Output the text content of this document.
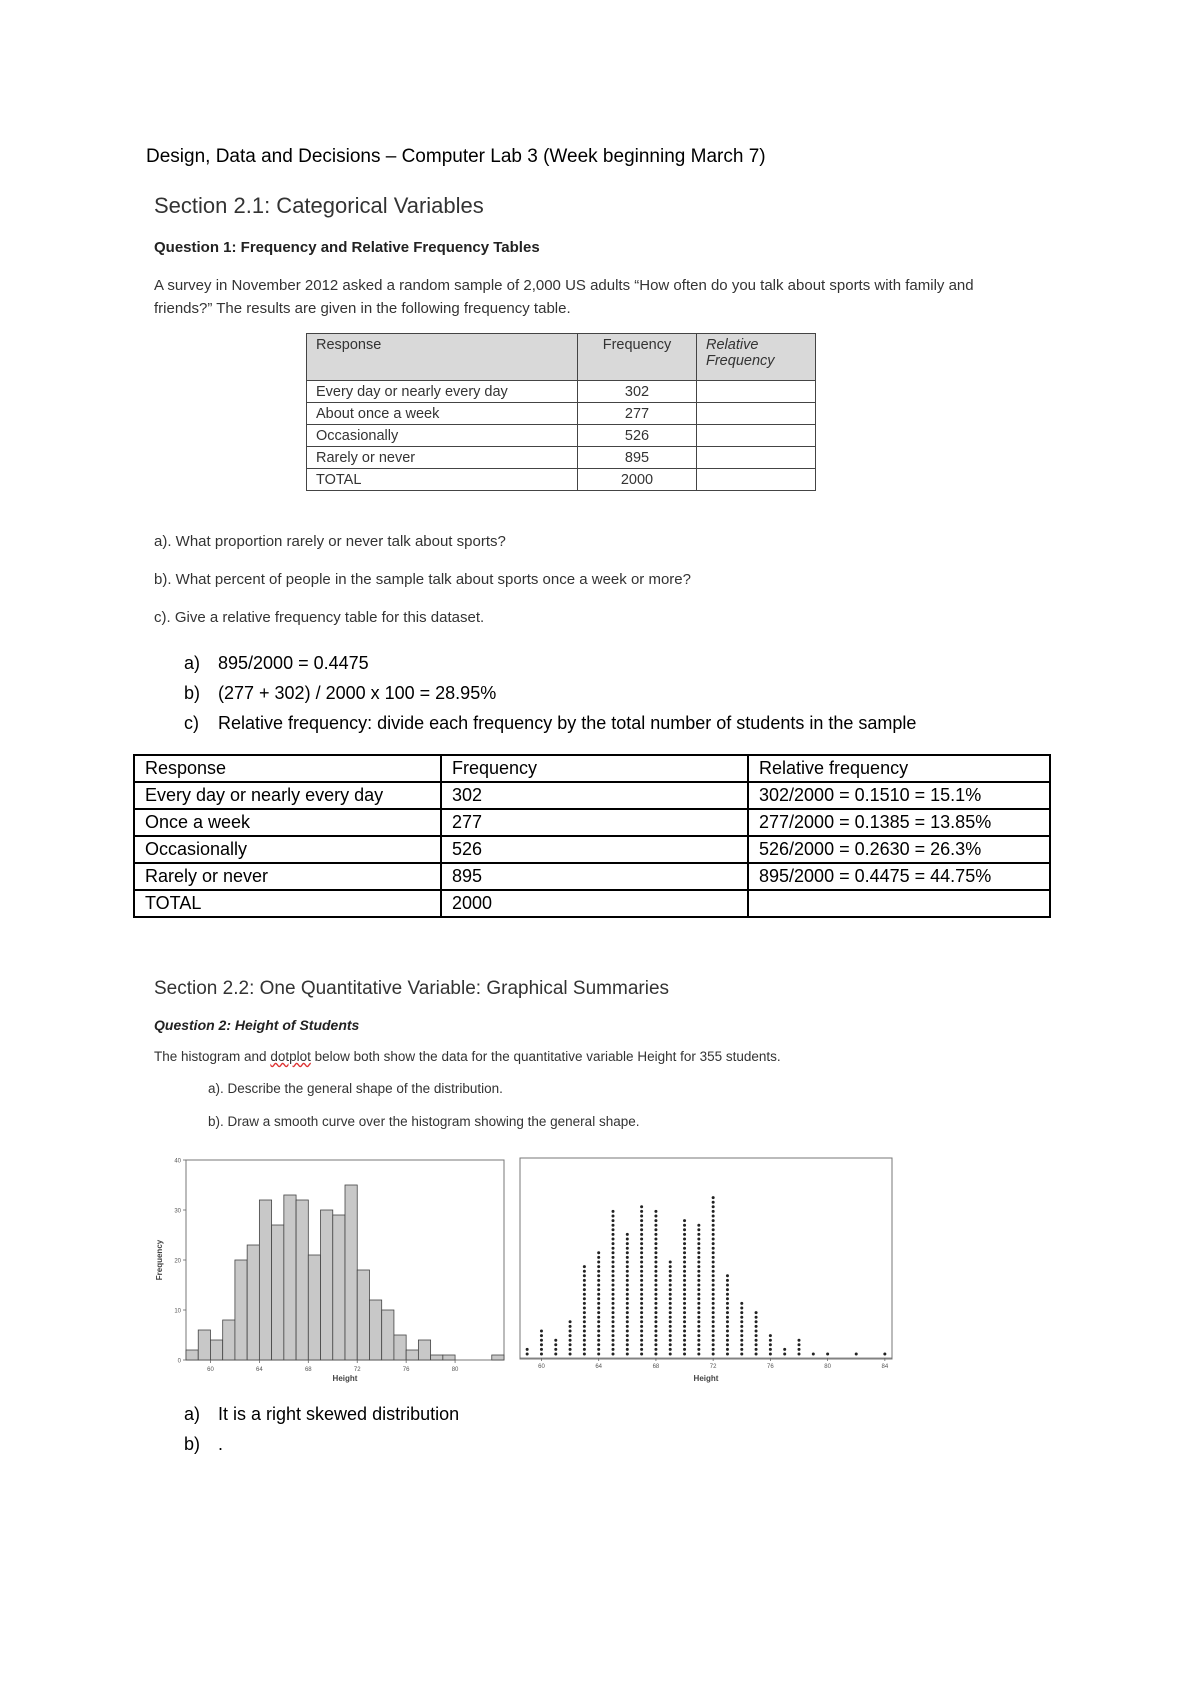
Design, Data and Decisions – Computer Lab 3 (Week beginning March 7)
Section 2.1: Categorical Variables
Question 1: Frequency and Relative Frequency Tables
A survey in November 2012 asked a random sample of 2,000 US adults “How often do you talk about sports with family and
friends?” The results are given in the following frequency table.
Response	Frequency	Relative Frequency
Every day or nearly every day	302	
About once a week	277	
Occasionally	526	
Rarely or never	895	
TOTAL	2000	
a). What proportion rarely or never talk about sports?
b). What percent of people in the sample talk about sports once a week or more?
c). Give a relative frequency table for this dataset.
a) 895/2000 = 0.4475
b) (277 + 302) / 2000 x 100 = 28.95%
c) Relative frequency: divide each frequency by the total number of students in the sample
Response	Frequency	Relative frequency
Every day or nearly every day	302	302/2000 = 0.1510 = 15.1%
Once a week	277	277/2000 = 0.1385 = 13.85%
Occasionally	526	526/2000 = 0.2630 = 26.3%
Rarely or never	895	895/2000 = 0.4475 = 44.75%
TOTAL	2000	
Section 2.2: One Quantitative Variable: Graphical Summaries
Question 2: Height of Students
The histogram and dotplot below both show the data for the quantitative variable Height for 355 students.
a). Describe the general shape of the distribution.
b). Draw a smooth curve over the histogram showing the general shape.
0
10
20
30
40
60	64	68	72	76	80
Height
Frequency
60	64	68	72	76	80	84
Height
a) It is a right skewed distribution
b) .
